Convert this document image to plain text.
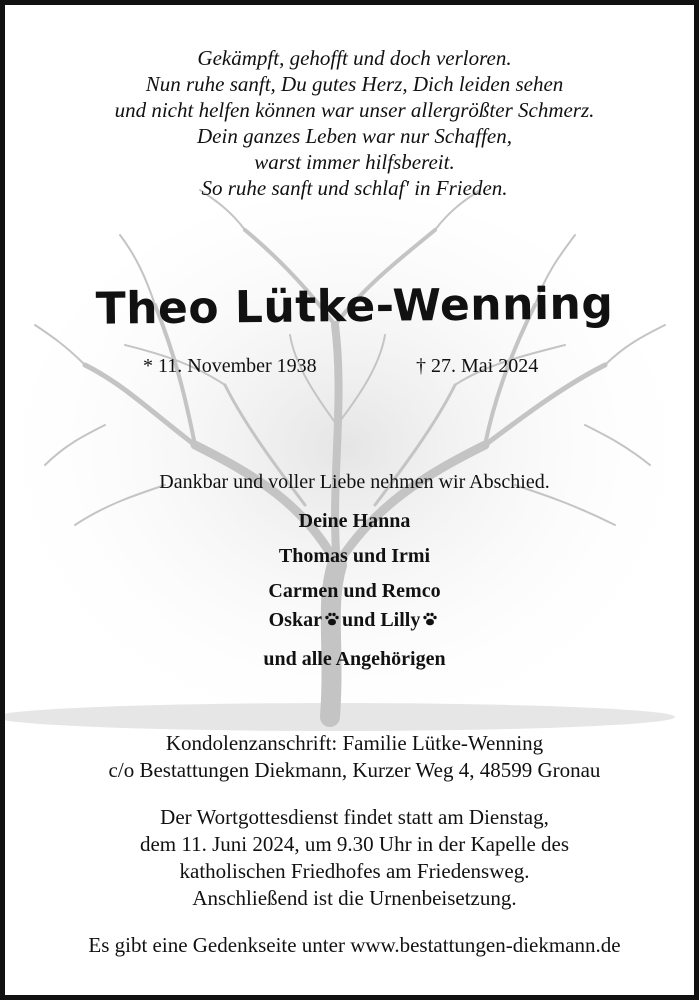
Gekämpft, gehofft und doch verloren.
Nun ruhe sanft, Du gutes Herz, Dich leiden sehen
und nicht helfen können war unser allergrößter Schmerz.
Dein ganzes Leben war nur Schaffen,
warst immer hilfsbereit.
So ruhe sanft und schlaf' in Frieden.
Theo Lütke-Wenning
* 11. November 1938	† 27. Mai 2024
Dankbar und voller Liebe nehmen wir Abschied.
Deine Hanna
Thomas und Irmi
Carmen und Remco
Oskar und Lilly
und alle Angehörigen
Kondolenzanschrift: Familie Lütke-Wenning
c/o Bestattungen Diekmann, Kurzer Weg 4, 48599 Gronau
Der Wortgottesdienst findet statt am Dienstag,
dem 11. Juni 2024, um 9.30 Uhr in der Kapelle des
katholischen Friedhofes am Friedensweg.
Anschließend ist die Urnenbeisetzung.
Es gibt eine Gedenkseite unter www.bestattungen-diekmann.de
